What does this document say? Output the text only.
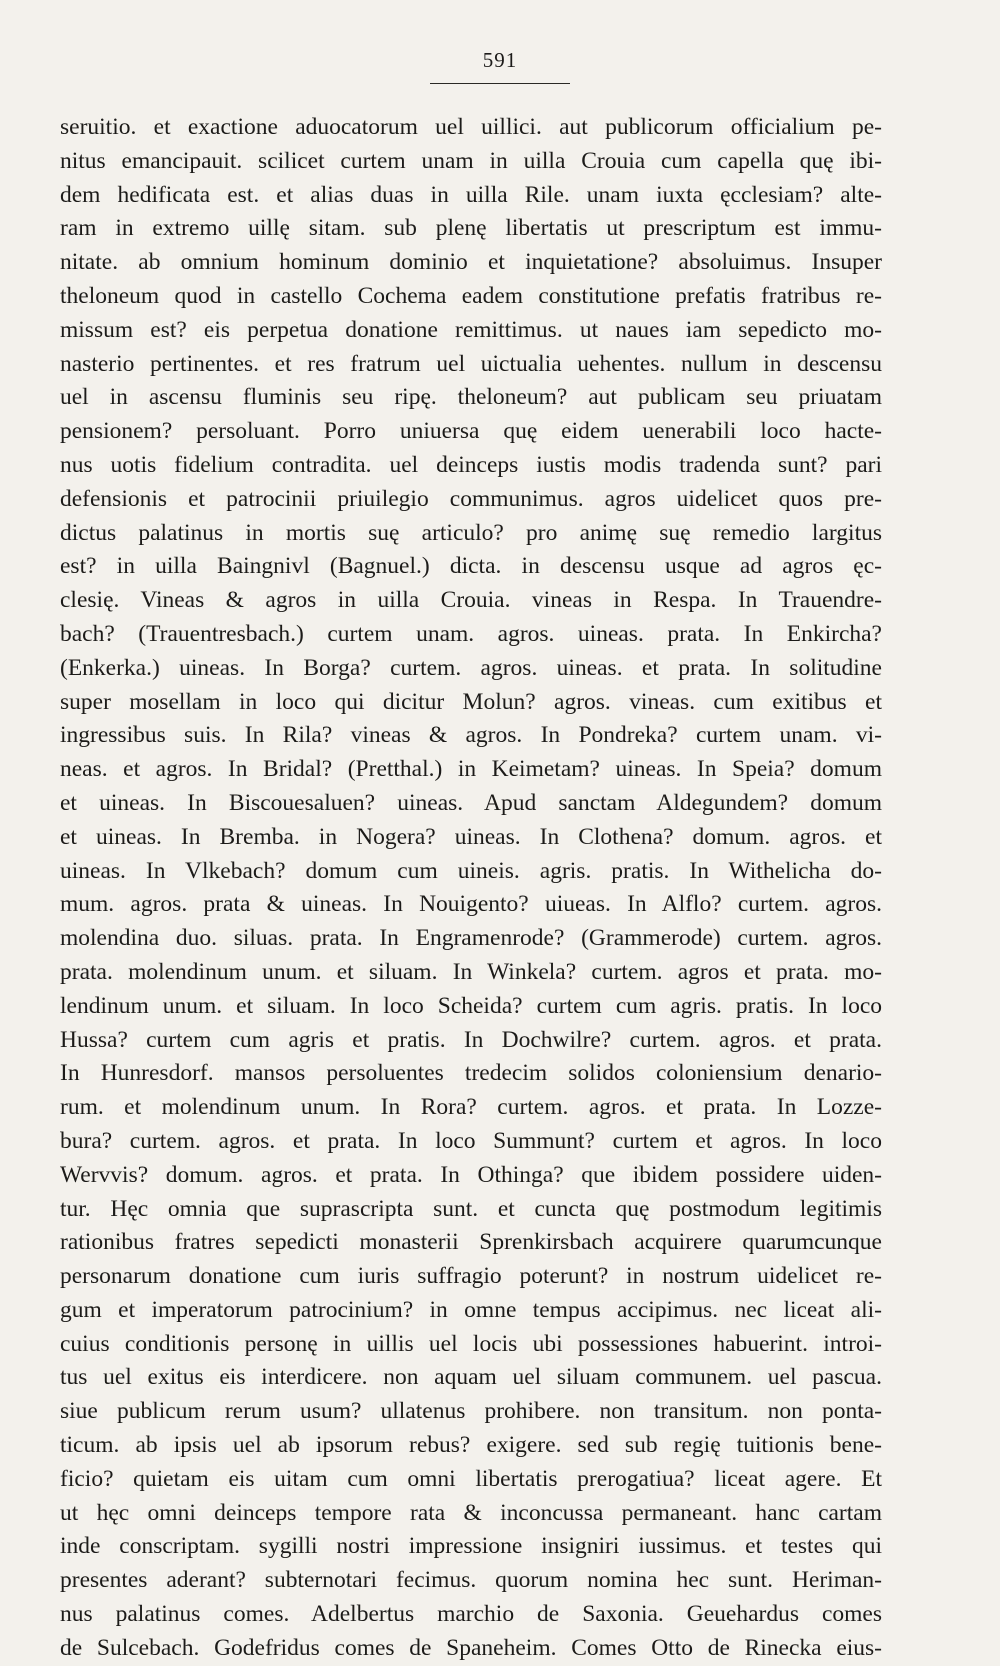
591
seruitio. et exactione aduocatorum uel uillici. aut publicorum officialium pe-
nitus emancipauit. scilicet curtem unam in uilla Crouia cum capella quę ibi-
dem hedificata est. et alias duas in uilla Rile. unam iuxta ęcclesiam? alte-
ram in extremo uillę sitam. sub plenę libertatis ut prescriptum est immu-
nitate. ab omnium hominum dominio et inquietatione? absoluimus. Insuper
theloneum quod in castello Cochema eadem constitutione prefatis fratribus re-
missum est? eis perpetua donatione remittimus. ut naues iam sepedicto mo-
nasterio pertinentes. et res fratrum uel uictualia uehentes. nullum in descensu
uel in ascensu fluminis seu ripę. theloneum? aut publicam seu priuatam
pensionem? persoluant. Porro uniuersa quę eidem uenerabili loco hacte-
nus uotis fidelium contradita. uel deinceps iustis modis tradenda sunt? pari
defensionis et patrocinii priuilegio communimus. agros uidelicet quos pre-
dictus palatinus in mortis suę articulo? pro animę suę remedio largitus
est? in uilla Baingnivl (Bagnuel.) dicta. in descensu usque ad agros ęc-
clesię. Vineas & agros in uilla Crouia. vineas in Respa. In Trauendre-
bach? (Trauentresbach.) curtem unam. agros. uineas. prata. In Enkircha?
(Enkerka.) uineas. In Borga? curtem. agros. uineas. et prata. In solitudine
super mosellam in loco qui dicitur Molun? agros. vineas. cum exitibus et
ingressibus suis. In Rila? vineas & agros. In Pondreka? curtem unam. vi-
neas. et agros. In Bridal? (Pretthal.) in Keimetam? uineas. In Speia? domum
et uineas. In Biscouesaluen? uineas. Apud sanctam Aldegundem? domum
et uineas. In Bremba. in Nogera? uineas. In Clothena? domum. agros. et
uineas. In Vlkebach? domum cum uineis. agris. pratis. In Withelicha do-
mum. agros. prata & uineas. In Nouigento? uiueas. In Alflo? curtem. agros.
molendina duo. siluas. prata. In Engramenrode? (Grammerode) curtem. agros.
prata. molendinum unum. et siluam. In Winkela? curtem. agros et prata. mo-
lendinum unum. et siluam. In loco Scheida? curtem cum agris. pratis. In loco
Hussa? curtem cum agris et pratis. In Dochwilre? curtem. agros. et prata.
In Hunresdorf. mansos persoluentes tredecim solidos coloniensium denario-
rum. et molendinum unum. In Rora? curtem. agros. et prata. In Lozze-
bura? curtem. agros. et prata. In loco Summunt? curtem et agros. In loco
Wervvis? domum. agros. et prata. In Othinga? que ibidem possidere uiden-
tur. Hęc omnia que suprascripta sunt. et cuncta quę postmodum legitimis
rationibus fratres sepedicti monasterii Sprenkirsbach acquirere quarumcunque
personarum donatione cum iuris suffragio poterunt? in nostrum uidelicet re-
gum et imperatorum patrocinium? in omne tempus accipimus. nec liceat ali-
cuius conditionis personę in uillis uel locis ubi possessiones habuerint. introi-
tus uel exitus eis interdicere. non aquam uel siluam communem. uel pascua.
siue publicum rerum usum? ullatenus prohibere. non transitum. non ponta-
ticum. ab ipsis uel ab ipsorum rebus? exigere. sed sub regię tuitionis bene-
ficio? quietam eis uitam cum omni libertatis prerogatiua? liceat agere. Et
ut hęc omni deinceps tempore rata & inconcussa permaneant. hanc cartam
inde conscriptam. sygilli nostri impressione insigniri iussimus. et testes qui
presentes aderant? subternotari fecimus. quorum nomina hec sunt. Heriman-
nus palatinus comes. Adelbertus marchio de Saxonia. Geuehardus comes
de Sulcebach. Godefridus comes de Spaneheim. Comes Otto de Rinecka eius-
